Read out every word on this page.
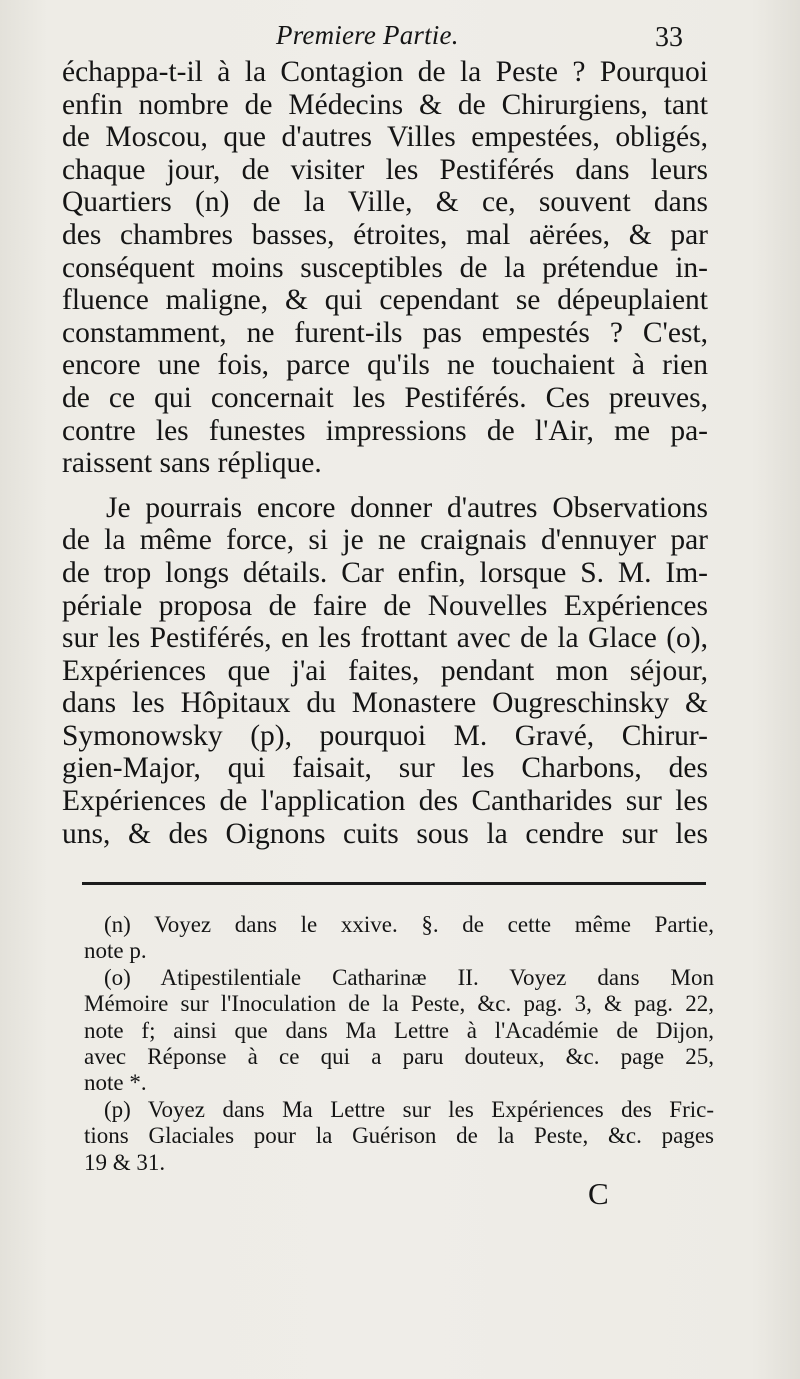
Premiere Partie.	33
échappa-t-il à la Contagion de la Peste ? Pourquoi
enfin nombre de Médecins & de Chirurgiens, tant
de Moscou, que d'autres Villes empestées, obligés,
chaque jour, de visiter les Pestiférés dans leurs
Quartiers (n) de la Ville, & ce, souvent dans
des chambres basses, étroites, mal aërées, & par
conséquent moins susceptibles de la prétendue in-
fluence maligne, & qui cependant se dépeuplaient
constamment, ne furent-ils pas empestés ? C'est,
encore une fois, parce qu'ils ne touchaient à rien
de ce qui concernait les Pestiférés. Ces preuves,
contre les funestes impressions de l'Air, me pa-
raissent sans réplique.
Je pourrais encore donner d'autres Observations
de la même force, si je ne craignais d'ennuyer par
de trop longs détails. Car enfin, lorsque S. M. Im-
périale proposa de faire de Nouvelles Expériences
sur les Pestiférés, en les frottant avec de la Glace (o),
Expériences que j'ai faites, pendant mon séjour,
dans les Hôpitaux du Monastere Ougreschinsky &
Symonowsky (p), pourquoi M. Gravé, Chirur-
gien-Major, qui faisait, sur les Charbons, des
Expériences de l'application des Cantharides sur les
uns, & des Oignons cuits sous la cendre sur les
(n) Voyez dans le xxive. §. de cette même Partie,
note p.
(o) Atipestilentiale Catharinæ II. Voyez dans Mon
Mémoire sur l'Inoculation de la Peste, &c. pag. 3, & pag. 22,
note f; ainsi que dans Ma Lettre à l'Académie de Dijon,
avec Réponse à ce qui a paru douteux, &c. page 25,
note *.
(p) Voyez dans Ma Lettre sur les Expériences des Fric-
tions Glaciales pour la Guérison de la Peste, &c. pages
19 & 31.
C
